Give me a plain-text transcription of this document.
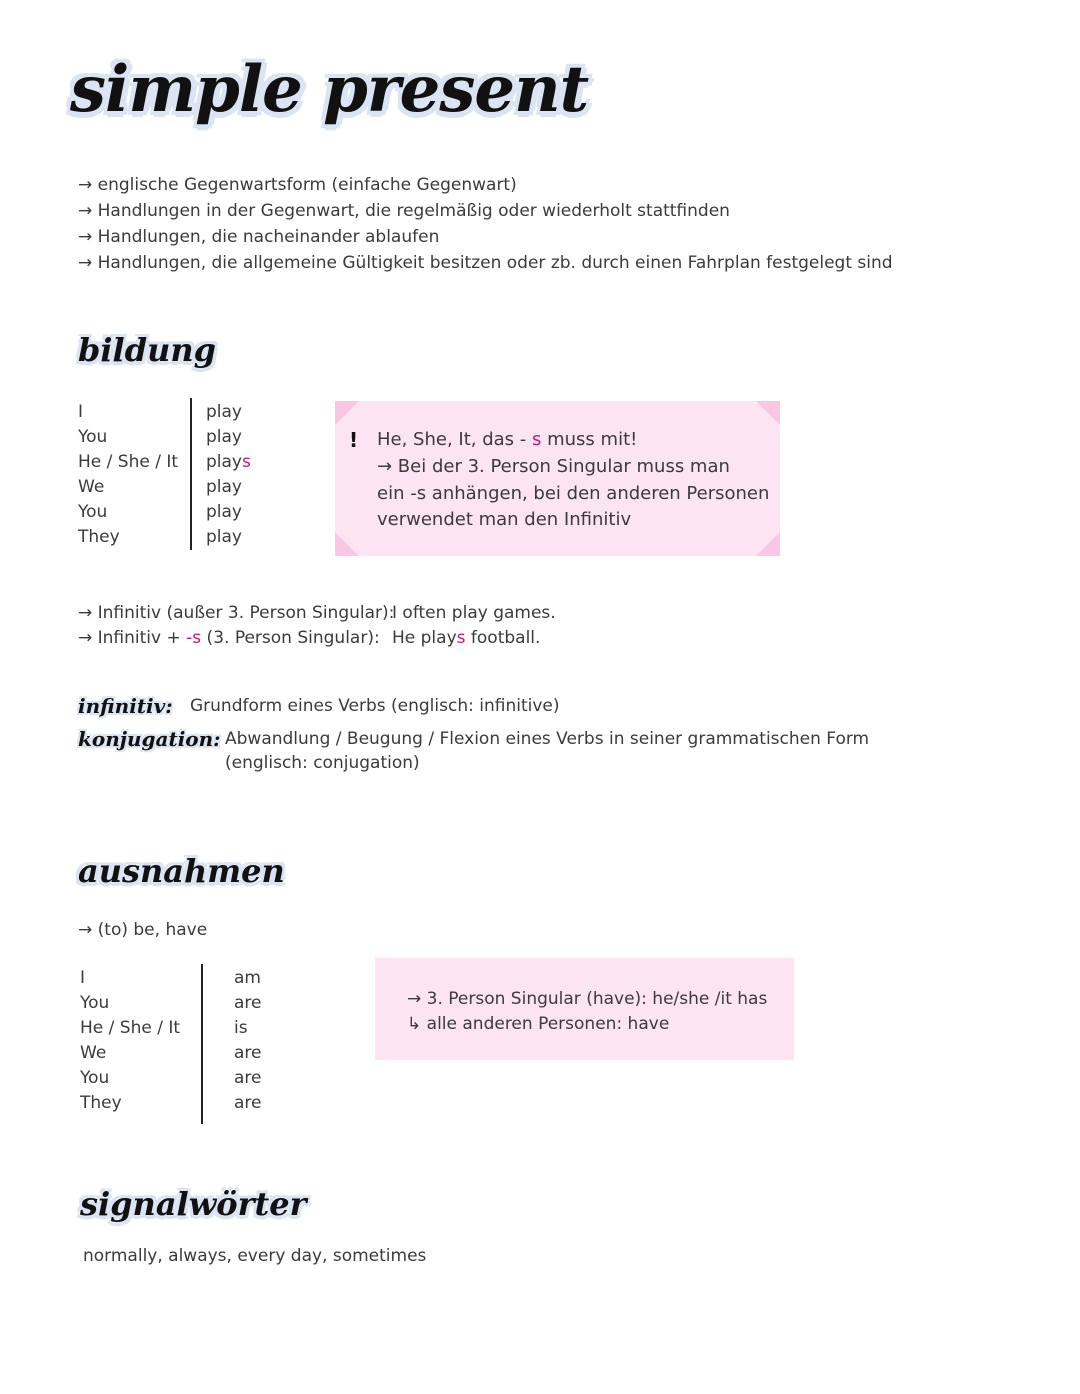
simple present
→ englische Gegenwartsform (einfache Gegenwart)
→ Handlungen in der Gegenwart, die regelmäßig oder wiederholt stattfinden
→ Handlungen, die nacheinander ablaufen
→ Handlungen, die allgemeine Gültigkeit besitzen oder zb. durch einen Fahrplan festgelegt sind
bildung
I
You
He / She / It
We
You
They
play
play
plays
play
play
play
! He, She, It, das - s muss mit!
→ Bei der 3. Person Singular muss man
ein -s anhängen, bei den anderen Personen
verwendet man den Infinitiv
→ Infinitiv (außer 3. Person Singular):
I often play games.
→ Infinitiv + -s (3. Person Singular): He plays football.
infinitiv: Grundform eines Verbs (englisch: infinitive)
konjugation: Abwandlung / Beugung / Flexion eines Verbs in seiner grammatischen Form
(englisch: conjugation)
ausnahmen
→ (to) be, have
I
You
He / She / It
We
You
They
am
are
is
are
are
are
→ 3. Person Singular (have): he/she /it has
↳ alle anderen Personen: have
signalwörter
normally, always, every day, sometimes
